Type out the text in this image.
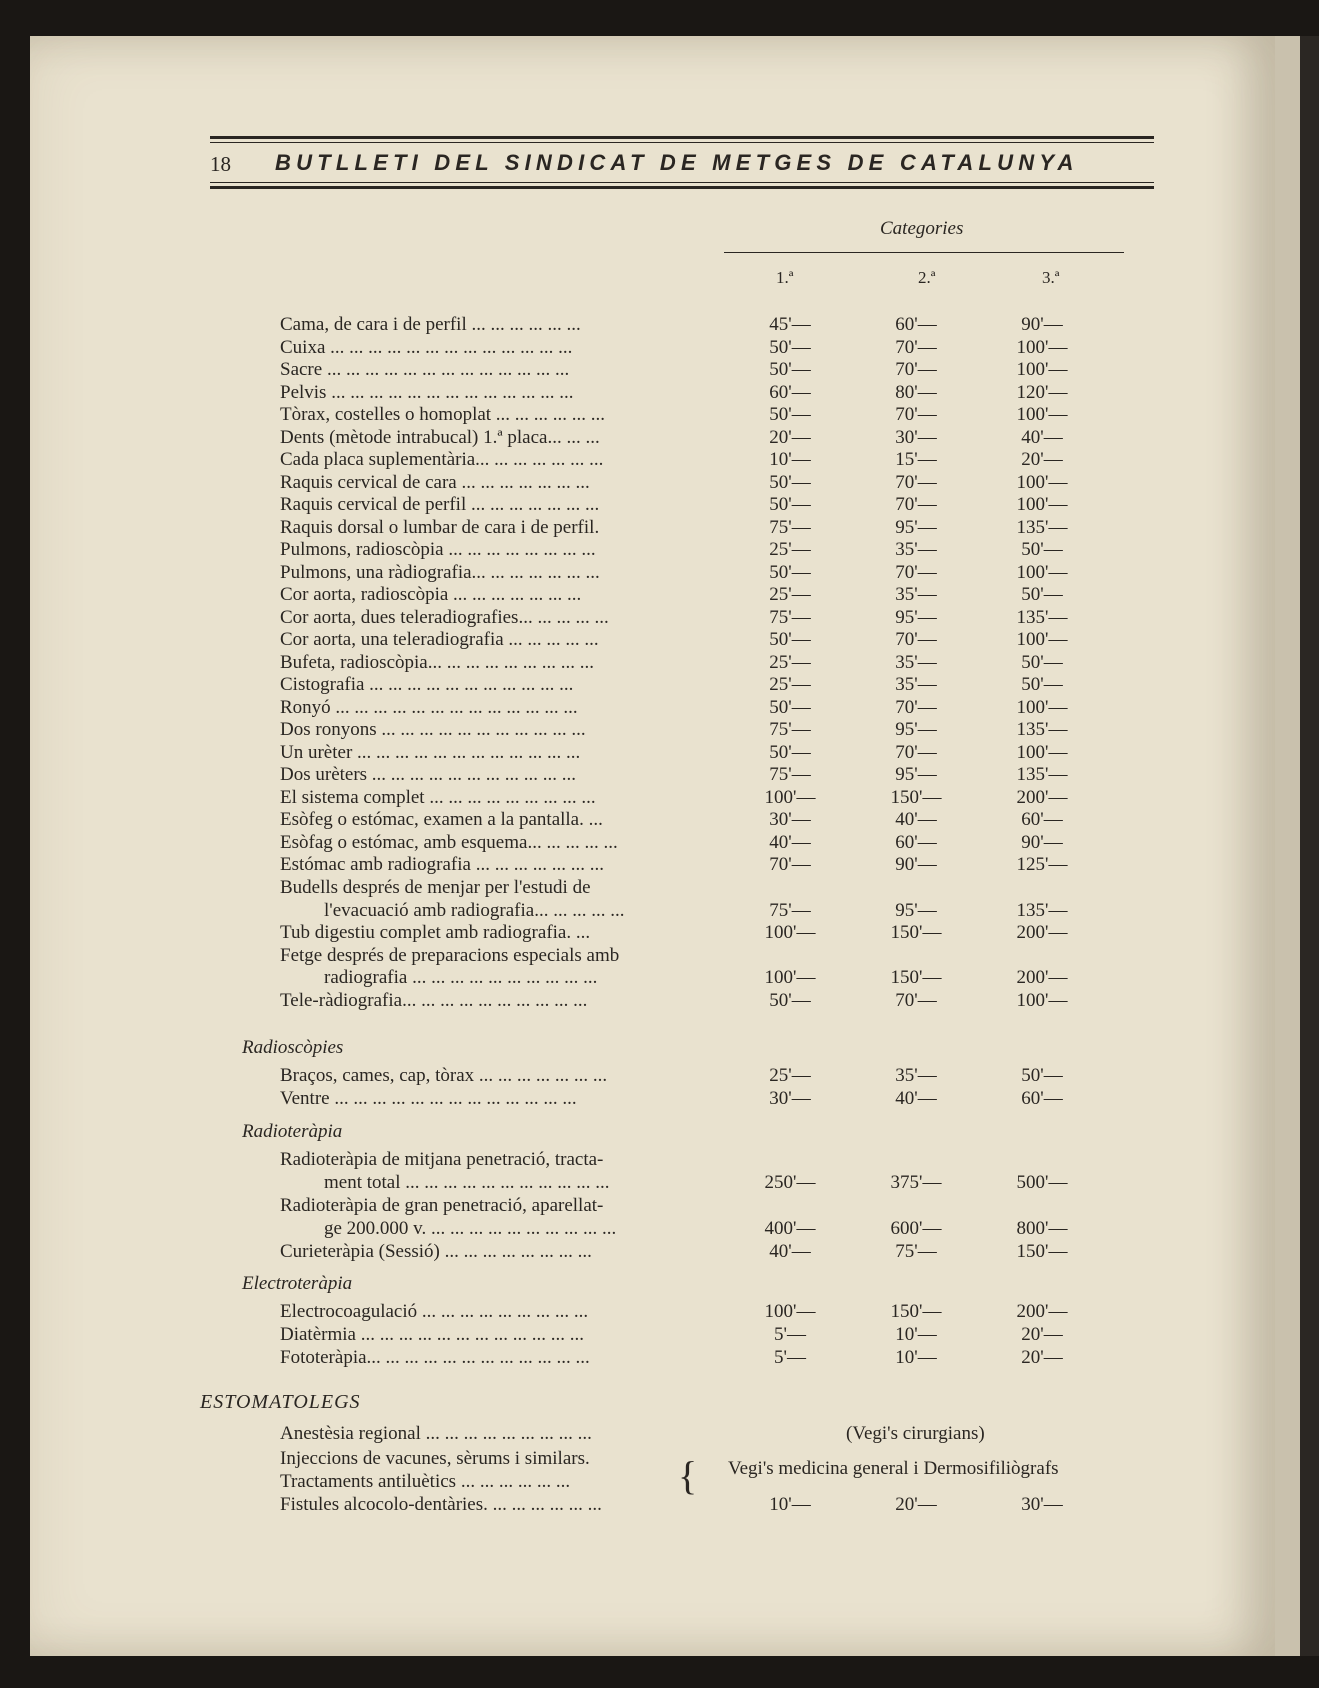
18 BUTLLETI DEL SINDICAT DE METGES DE CATALUNYA
Categories
1.ª	2.ª	3.ª
Cama, de cara i de perfil ... ... ... ... ... ...	45'—	60'—	90'—
Cuixa ... ... ... ... ... ... ... ... ... ... ... ... ...	50'—	70'—	100'—
Sacre ... ... ... ... ... ... ... ... ... ... ... ... ...	50'—	70'—	100'—
Pelvis ... ... ... ... ... ... ... ... ... ... ... ... ...	60'—	80'—	120'—
Tòrax, costelles o homoplat ... ... ... ... ... ...	50'—	70'—	100'—
Dents (mètode intrabucal) 1.ª placa... ... ...	20'—	30'—	40'—
Cada placa suplementària... ... ... ... ... ... ...	10'—	15'—	20'—
Raquis cervical de cara ... ... ... ... ... ... ...	50'—	70'—	100'—
Raquis cervical de perfil ... ... ... ... ... ... ...	50'—	70'—	100'—
Raquis dorsal o lumbar de cara i de perfil.	75'—	95'—	135'—
Pulmons, radioscòpia ... ... ... ... ... ... ... ...	25'—	35'—	50'—
Pulmons, una ràdiografia... ... ... ... ... ... ...	50'—	70'—	100'—
Cor aorta, radioscòpia ... ... ... ... ... ... ...	25'—	35'—	50'—
Cor aorta, dues teleradiografies... ... ... ... ...	75'—	95'—	135'—
Cor aorta, una teleradiografia ... ... ... ... ...	50'—	70'—	100'—
Bufeta, radioscòpia... ... ... ... ... ... ... ... ...	25'—	35'—	50'—
Cistografia ... ... ... ... ... ... ... ... ... ... ...	25'—	35'—	50'—
Ronyó ... ... ... ... ... ... ... ... ... ... ... ... ...	50'—	70'—	100'—
Dos ronyons ... ... ... ... ... ... ... ... ... ... ...	75'—	95'—	135'—
Un urèter ... ... ... ... ... ... ... ... ... ... ... ...	50'—	70'—	100'—
Dos urèters ... ... ... ... ... ... ... ... ... ... ...	75'—	95'—	135'—
El sistema complet ... ... ... ... ... ... ... ... ...	100'—	150'—	200'—
Esòfeg o estómac, examen a la pantalla. ...	30'—	40'—	60'—
Esòfag o estómac, amb esquema... ... ... ... ...	40'—	60'—	90'—
Estómac amb radiografia ... ... ... ... ... ... ...	70'—	90'—	125'—
Budells després de menjar per l'estudi de
l'evacuació amb radiografia... ... ... ... ...	75'—	95'—	135'—
Tub digestiu complet amb radiografia. ...	100'—	150'—	200'—
Fetge després de preparacions especials amb
radiografia ... ... ... ... ... ... ... ... ... ...	100'—	150'—	200'—
Tele-ràdiografia... ... ... ... ... ... ... ... ... ...	50'—	70'—	100'—
Braços, cames, cap, tòrax ... ... ... ... ... ... ...	25'—	35'—	50'—
Ventre ... ... ... ... ... ... ... ... ... ... ... ... ...	30'—	40'—	60'—
Radioteràpia de mitjana penetració, tracta-
ment total ... ... ... ... ... ... ... ... ... ... ...	250'—	375'—	500'—
Radioteràpia de gran penetració, aparellat-
ge 200.000 v. ... ... ... ... ... ... ... ... ... ...	400'—	600'—	800'—
Curieteràpia (Sessió) ... ... ... ... ... ... ... ...	40'—	75'—	150'—
Electrocoagulació ... ... ... ... ... ... ... ... ...	100'—	150'—	200'—
Diatèrmia ... ... ... ... ... ... ... ... ... ... ... ...	5'—	10'—	20'—
Fototeràpia... ... ... ... ... ... ... ... ... ... ... ...	5'—	10'—	20'—
Radioscòpies
Radioteràpia
Electroteràpia
ESTOMATOLEGS
Anestèsia regional ... ... ... ... ... ... ... ... ...	(Vegi's cirurgians)
Injeccions de vacunes, sèrums i similars.	Vegi's medicina general i Dermosifiliògrafs
Tractaments antiluètics ... ... ... ... ... ...	{
Fistules alcocolo-dentàries. ... ... ... ... ... ...	10'—	20'—	30'—
